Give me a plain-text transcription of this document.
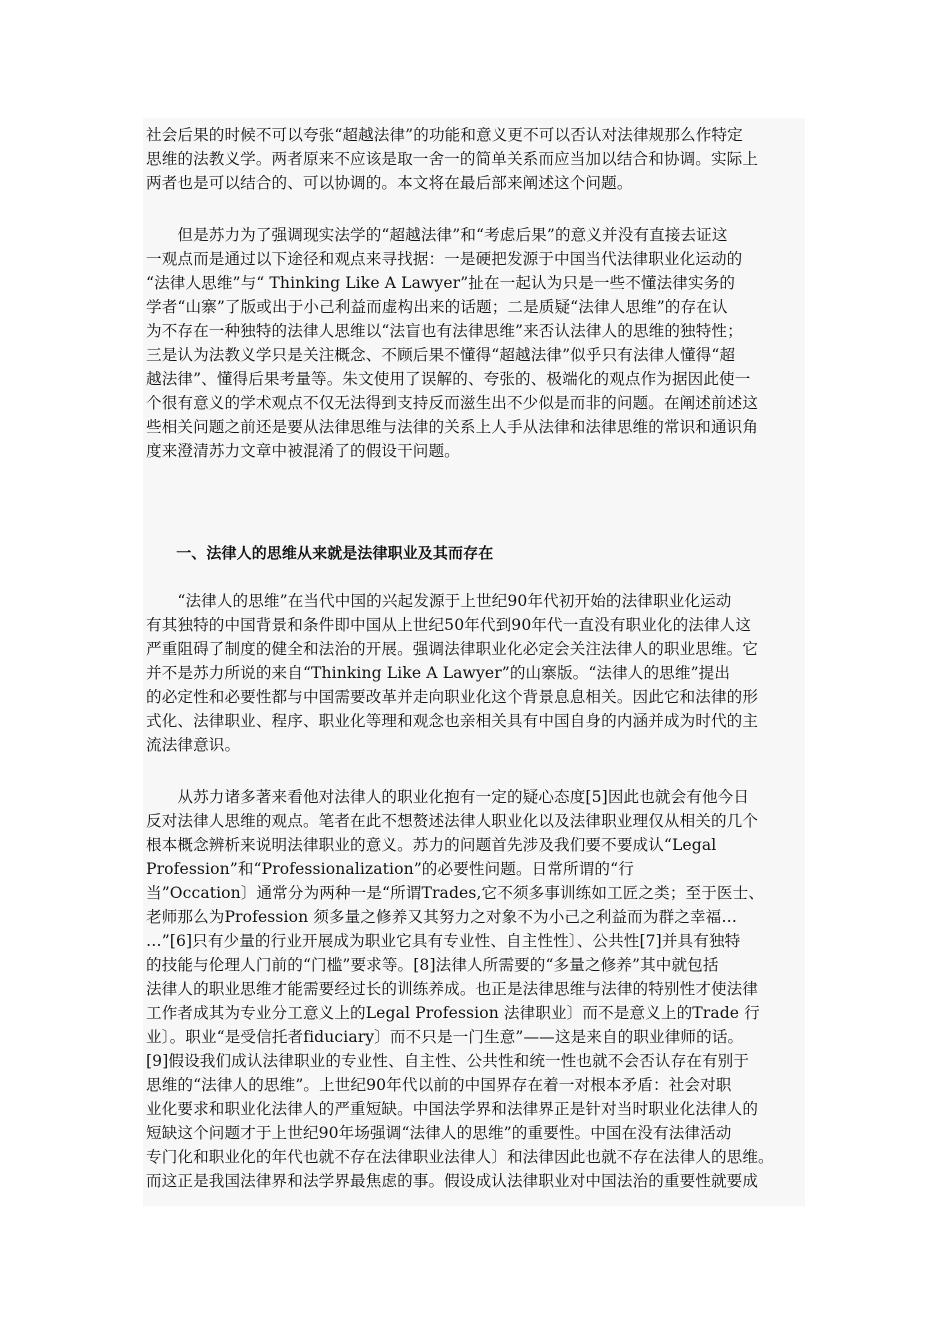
社会后果的时候不可以夸张“超越法律”的功能和意义更不可以否认对法律规那么作特定
思维的法教义学。两者原来不应该是取一舍一的简单关系而应当加以结合和协调。实际上
两者也是可以结合的、可以协调的。本文将在最后部来阐述这个问题。
　　但是苏力为了强调现实法学的“超越法律”和“考虑后果”的意义并没有直接去证这
一观点而是通过以下途径和观点来寻找据：一是硬把发源于中国当代法律职业化运动的
“法律人思维”与“ Thinking Like A Lawyer”扯在一起认为只是一些不懂法律实务的
学者“山寨”了版或出于小己利益而虚构出来的话题；二是质疑“法律人思维”的存在认
为不存在一种独特的法律人思维以“法盲也有法律思维”来否认法律人的思维的独特性；
三是认为法教义学只是关注概念、不顾后果不懂得“超越法律”似乎只有法律人懂得“超
越法律”、懂得后果考量等。朱文使用了误解的、夸张的、极端化的观点作为据因此使一
个很有意义的学术观点不仅无法得到支持反而滋生出不少似是而非的问题。在阐述前述这
些相关问题之前还是要从法律思维与法律的关系上人手从法律和法律思维的常识和通识角
度来澄清苏力文章中被混淆了的假设干问题。
　　一、法律人的思维从来就是法律职业及其而存在
　　“法律人的思维”在当代中国的兴起发源于上世纪90年代初开始的法律职业化运动
有其独特的中国背景和条件即中国从上世纪50年代到90年代一直没有职业化的法律人这
严重阻碍了制度的健全和法治的开展。强调法律职业化必定会关注法律人的职业思维。它
并不是苏力所说的来自“Thinking Like A Lawyer”的山寨版。“法律人的思维”提出
的必定性和必要性都与中国需要改革并走向职业化这个背景息息相关。因此它和法律的形
式化、法律职业、程序、职业化等理和观念也亲相关具有中国自身的内涵并成为时代的主
流法律意识。
　　从苏力诸多著来看他对法律人的职业化抱有一定的疑心态度[5]因此也就会有他今日
反对法律人思维的观点。笔者在此不想赘述法律人职业化以及法律职业理仅从相关的几个
根本概念辨析来说明法律职业的意义。苏力的问题首先涉及我们要不要成认“Legal
Profession”和“Professionalization”的必要性问题。日常所谓的“行
当”Occation〕通常分为两种一是“所谓Trades,它不须多事训练如工匠之类；至于医士、
老师那么为Profession 须多量之修养又其努力之对象不为小己之利益而为群之幸福…
…”[6]只有少量的行业开展成为职业它具有专业性、自主性性〕、公共性[7]并具有独特
的技能与伦理人门前的“门槛”要求等。[8]法律人所需要的“多量之修养”其中就包括
法律人的职业思维才能需要经过长的训练养成。也正是法律思维与法律的特别性才使法律
工作者成其为专业分工意义上的Legal Profession 法律职业〕而不是意义上的Trade 行
业〕。职业“是受信托者fiduciary〕而不只是一门生意”——这是来自的职业律师的话。
[9]假设我们成认法律职业的专业性、自主性、公共性和统一性也就不会否认存在有别于
思维的“法律人的思维”。上世纪90年代以前的中国界存在着一对根本矛盾：社会对职
业化要求和职业化法律人的严重短缺。中国法学界和法律界正是针对当时职业化法律人的
短缺这个问题才于上世纪90年场强调“法律人的思维”的重要性。中国在没有法律活动
专门化和职业化的年代也就不存在法律职业法律人〕和法律因此也就不存在法律人的思维。
而这正是我国法律界和法学界最焦虑的事。假设成认法律职业对中国法治的重要性就要成
